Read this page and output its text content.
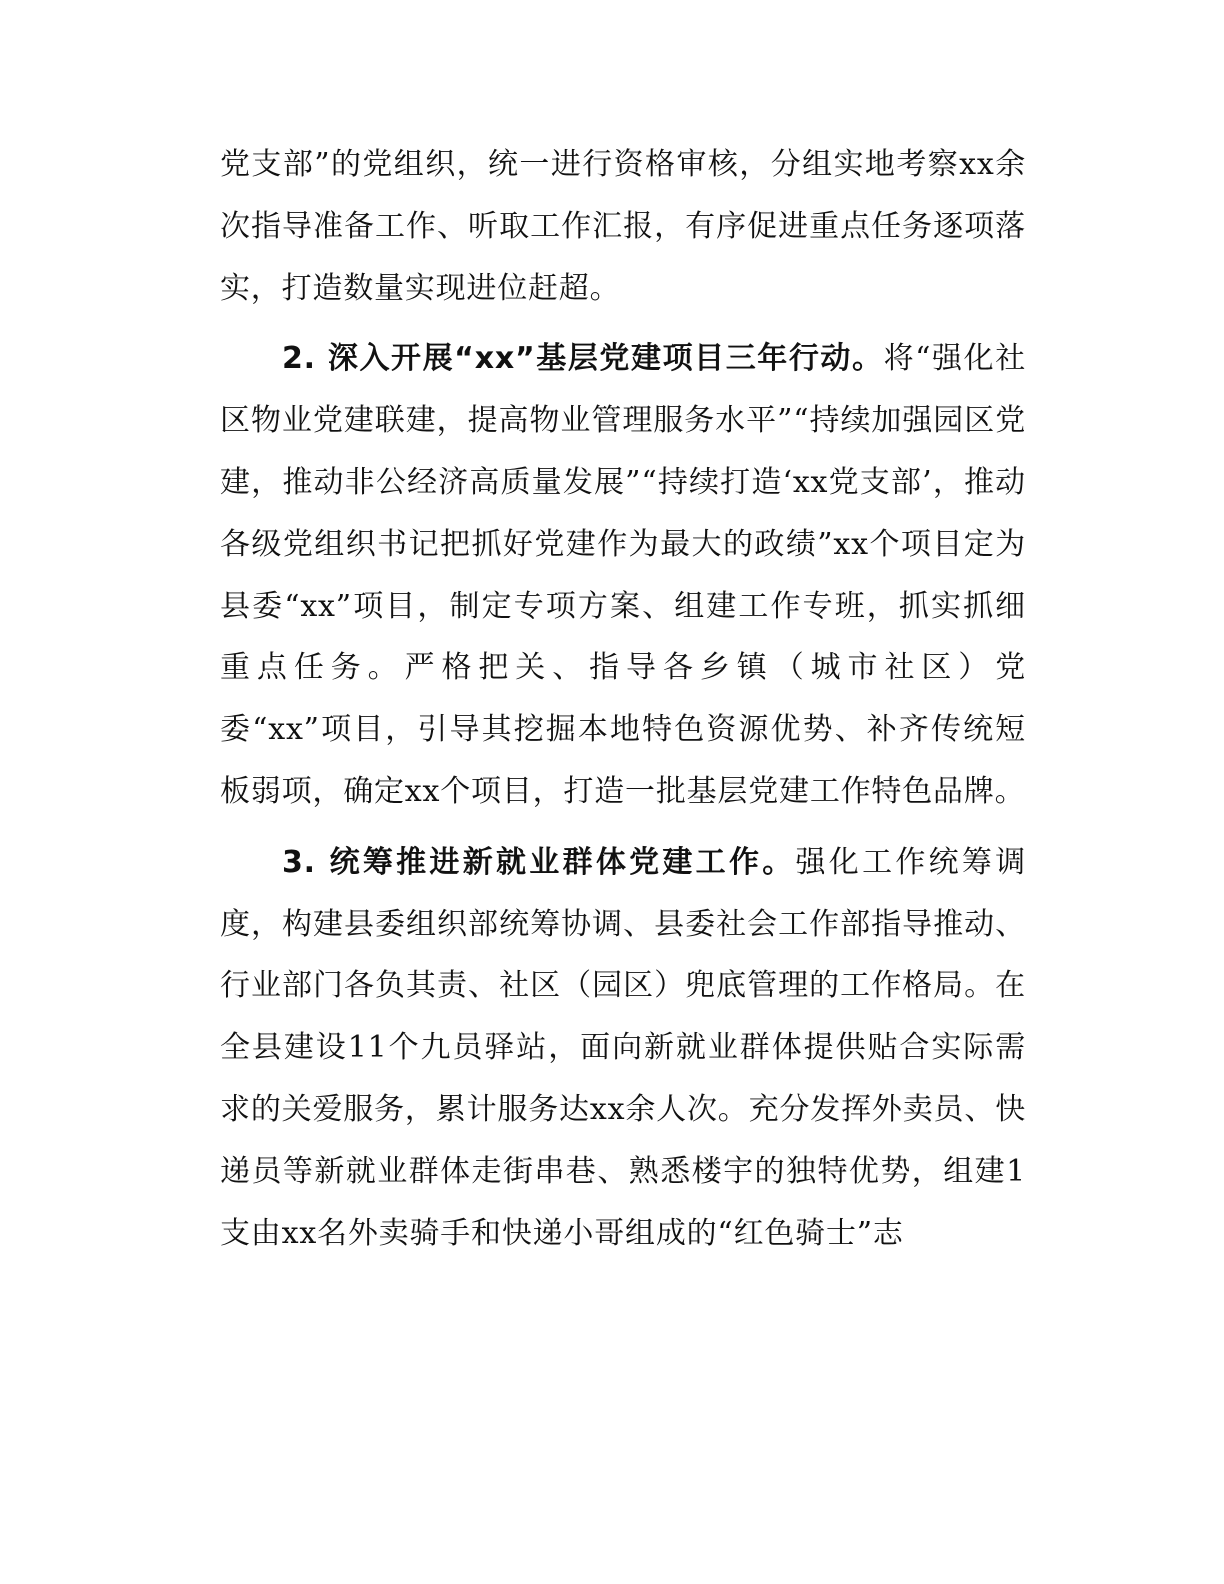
党支部”的党组织，统一进行资格审核，分组实地考察xx余次指导准备工作、听取工作汇报，有序促进重点任务逐项落实，打造数量实现进位赶超。

2. 深入开展“xx”基层党建项目三年行动。将“强化社区物业党建联建，提高物业管理服务水平”“持续加强园区党建，推动非公经济高质量发展”“持续打造‘xx党支部’，推动各级党组织书记把抓好党建作为最大的政绩”xx个项目定为县委“xx”项目，制定专项方案、组建工作专班，抓实抓细重点任务。严格把关、指导各乡镇（城市社区）党委“xx”项目，引导其挖掘本地特色资源优势、补齐传统短板弱项，确定xx个项目，打造一批基层党建工作特色品牌。

3. 统筹推进新就业群体党建工作。强化工作统筹调度，构建县委组织部统筹协调、县委社会工作部指导推动、行业部门各负其责、社区（园区）兜底管理的工作格局。在全县建设11个九员驿站，面向新就业群体提供贴合实际需求的关爱服务，累计服务达xx余人次。充分发挥外卖员、快递员等新就业群体走街串巷、熟悉楼宇的独特优势，组建1支由xx名外卖骑手和快递小哥组成的“红色骑士”志
